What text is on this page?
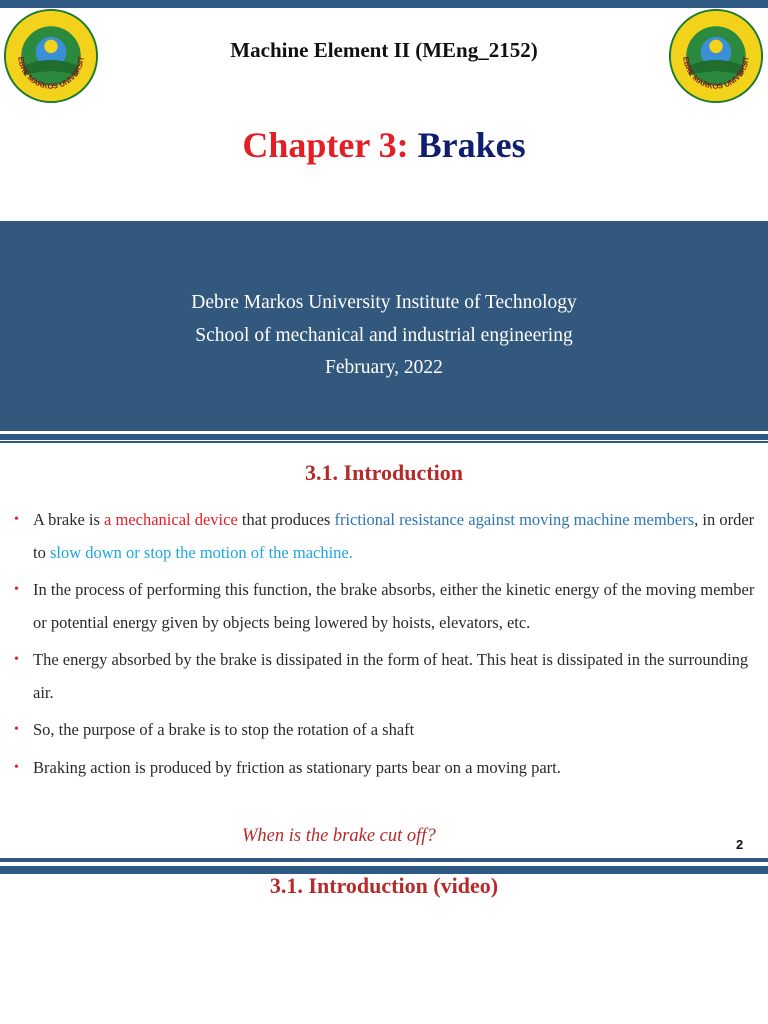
EBRE MARKOS UNIVERSIT	EBRE MARKOS UNIVERSIT
Machine Element II (MEng_2152)
Chapter 3: Brakes
Debre Markos University Institute of Technology
School of mechanical and industrial engineering
February, 2022
3.1. Introduction
• A brake is a mechanical device that produces frictional resistance against moving machine members, in order to slow down or stop the motion of the machine.
• In the process of performing this function, the brake absorbs, either the kinetic energy of the moving member or potential energy given by objects being lowered by hoists, elevators, etc.
• The energy absorbed by the brake is dissipated in the form of heat. This heat is dissipated in the surrounding air.
• So, the purpose of a brake is to stop the rotation of a shaft
• Braking action is produced by friction as stationary parts bear on a moving part.
When is the brake cut off?	2
3.1. Introduction (video)
